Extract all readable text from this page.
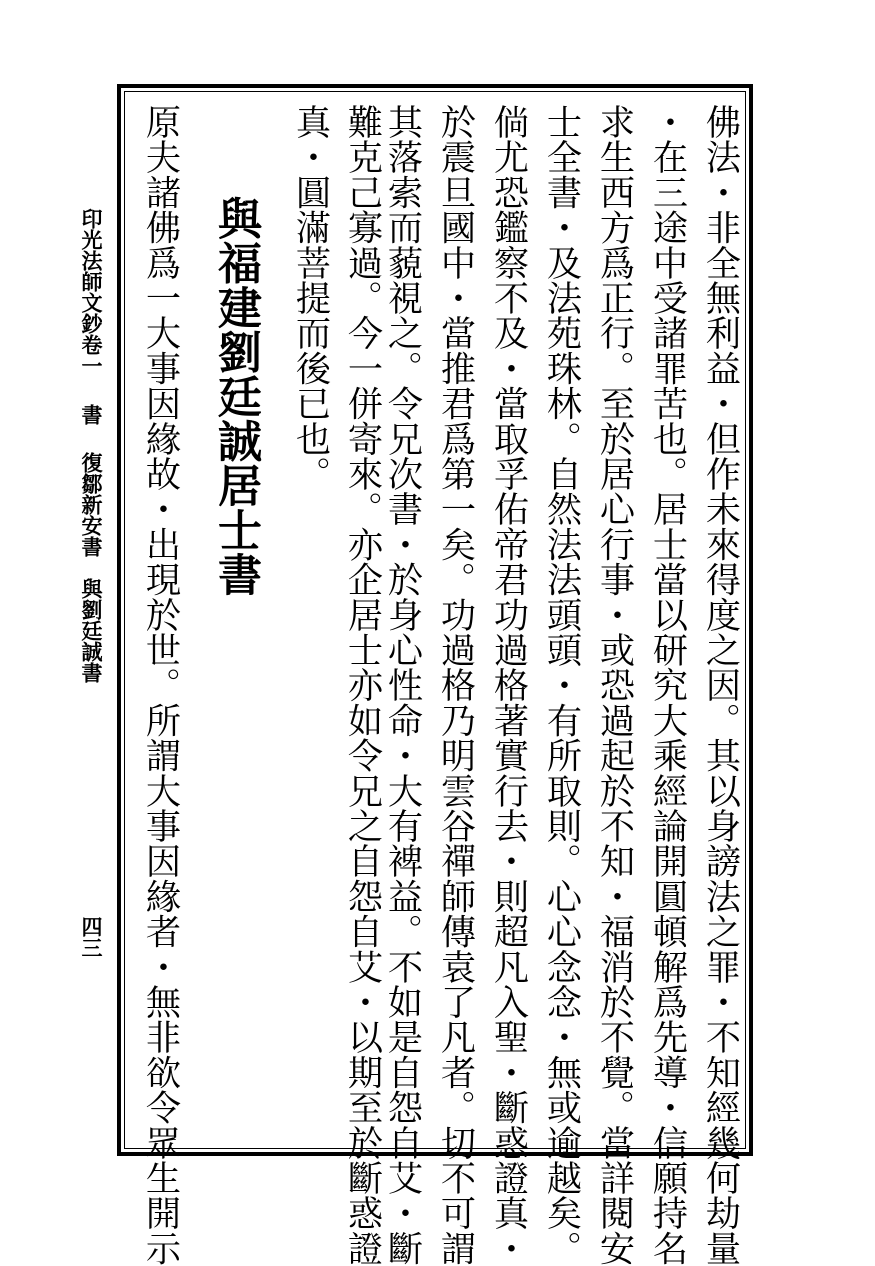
印光法師文鈔卷一
書
復鄒新安書　與劉廷誠書
四三	佛法・非全無利益・但作未來得度之因。其以身謗法之罪・不知經幾何劫量
・在三途中受諸罪苦也。居士當以研究大乘經論開圓頓解爲先導・信願持名
求生西方爲正行。至於居心行事・或恐過起於不知・福消於不覺。當詳閱安
士全書・及法苑珠林。自然法法頭頭・有所取則。心心念念・無或逾越矣。
倘尤恐鑑察不及・當取孚佑帝君功過格著實行去・則超凡入聖・斷惑證真・
於震旦國中・當推君爲第一矣。功過格乃明雲谷禪師傳袁了凡者。切不可謂
其落索而藐視之。令兄次書・於身心性命・大有裨益。不如是自怨自艾・斷
難克己寡過。今一併寄來。亦企居士亦如令兄之自怨自艾・以期至於斷惑證
真・圓滿菩提而後已也。
與福建劉廷誠居士書
原夫諸佛爲一大事因緣故・出現於世。所謂大事因緣者・無非欲令眾生開示
